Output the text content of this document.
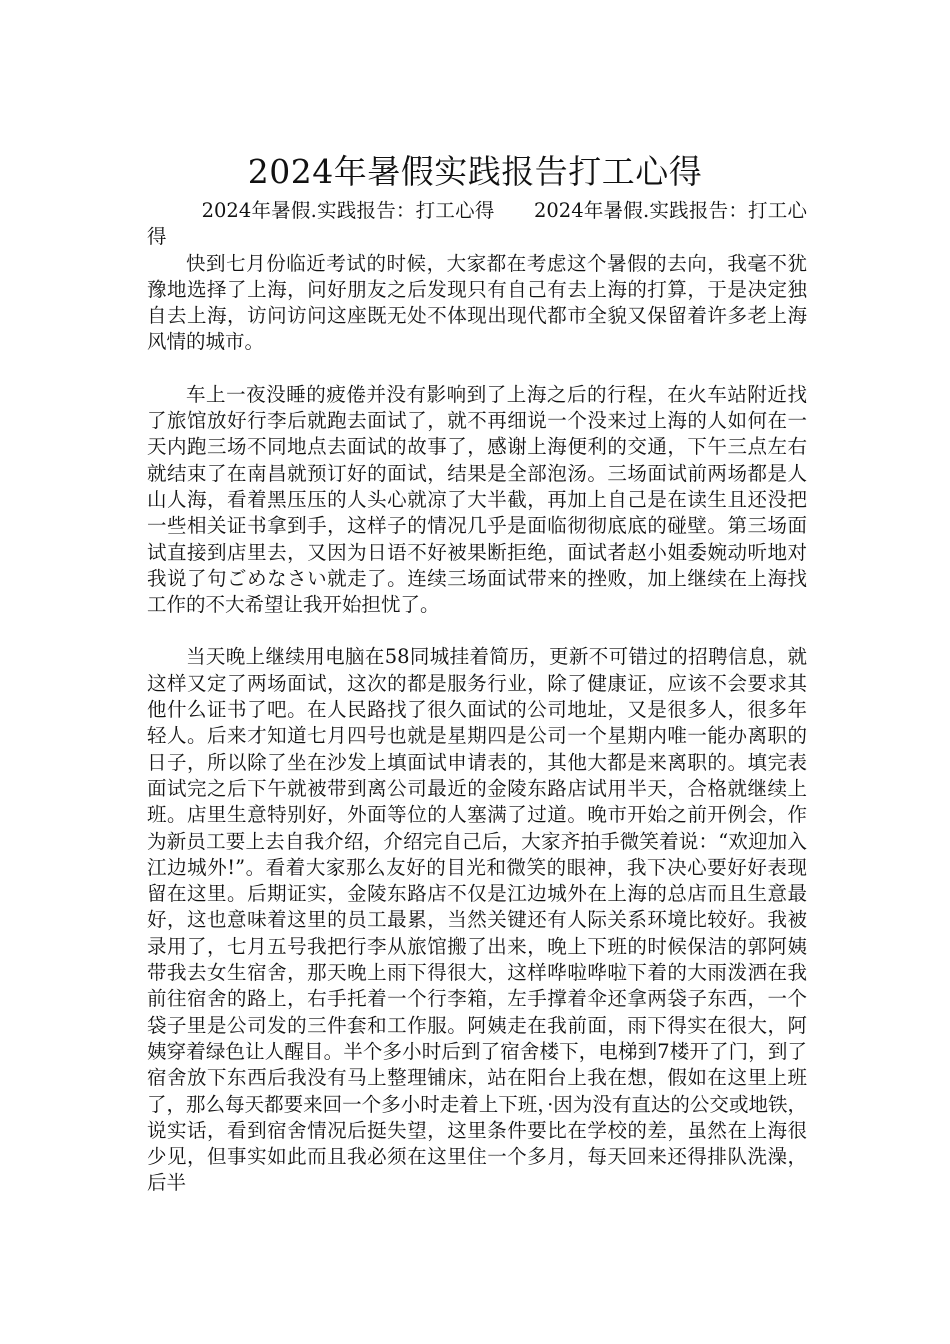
2024年暑假实践报告打工心得

2024年暑假.实践报告：打工心得　　2024年暑假.实践报告：打工心得

快到七月份临近考试的时候，大家都在考虑这个暑假的去向，我毫不犹豫地选择了上海，问好朋友之后发现只有自己有去上海的打算，于是决定独自去上海，访问访问这座既无处不体现出现代都市全貌又保留着许多老上海风情的城市。

车上一夜没睡的疲倦并没有影响到了上海之后的行程，在火车站附近找了旅馆放好行李后就跑去面试了，就不再细说一个没来过上海的人如何在一天内跑三场不同地点去面试的故事了，感谢上海便利的交通，下午三点左右就结束了在南昌就预订好的面试，结果是全部泡汤。三场面试前两场都是人山人海，看着黑压压的人头心就凉了大半截，再加上自己是在读生且还没把一些相关证书拿到手，这样子的情况几乎是面临彻彻底底的碰壁。第三场面试直接到店里去，又因为日语不好被果断拒绝，面试者赵小姐委婉动听地对我说了句ごめなさい就走了。连续三场面试带来的挫败，加上继续在上海找工作的不大希望让我开始担忧了。

当天晚上继续用电脑在58同城挂着简历，更新不可错过的招聘信息，就这样又定了两场面试，这次的都是服务行业，除了健康证，应该不会要求其他什么证书了吧。在人民路找了很久面试的公司地址，又是很多人，很多年轻人。后来才知道七月四号也就是星期四是公司一个星期内唯一能办离职的日子，所以除了坐在沙发上填面试申请表的，其他大都是来离职的。填完表面试完之后下午就被带到离公司最近的金陵东路店试用半天，合格就继续上班。店里生意特别好，外面等位的人塞满了过道。晚市开始之前开例会，作为新员工要上去自我介绍，介绍完自己后，大家齐拍手微笑着说：“欢迎加入江边城外!”。看着大家那么友好的目光和微笑的眼神，我下决心要好好表现留在这里。后期证实，金陵东路店不仅是江边城外在上海的总店而且生意最好，这也意味着这里的员工最累，当然关键还有人际关系环境比较好。我被录用了，七月五号我把行李从旅馆搬了出来，晚上下班的时候保洁的郭阿姨带我去女生宿舍，那天晚上雨下得很大，这样哗啦哗啦下着的大雨泼洒在我前往宿舍的路上，右手托着一个行李箱，左手撑着伞还拿两袋子东西，一个袋子里是公司发的三件套和工作服。阿姨走在我前面，雨下得实在很大，阿姨穿着绿色让人醒目。半个多小时后到了宿舍楼下，电梯到7楼开了门，到了宿舍放下东西后我没有马上整理铺床，站在阳台上我在想，假如在这里上班了，那么每天都要来回一个多小时走着上下班，·因为没有直达的公交或地铁，说实话，看到宿舍情况后挺失望，这里条件要比在学校的差，虽然在上海很少见，但事实如此而且我必须在这里住一个多月，每天回来还得排队洗澡，后半
